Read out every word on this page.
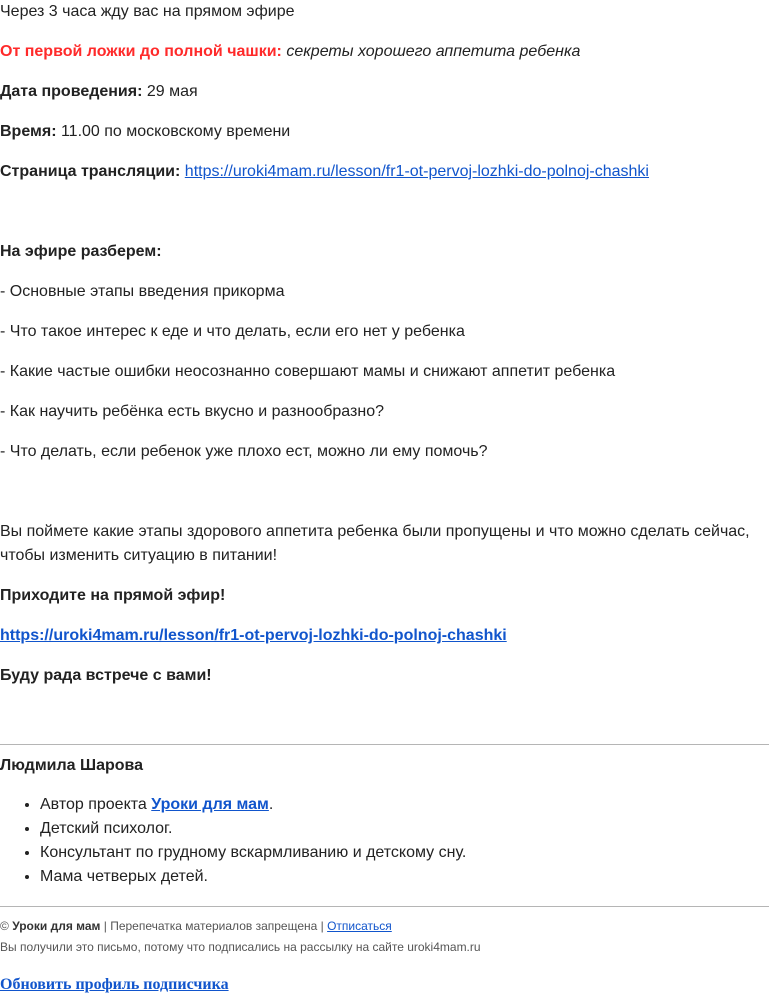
Через 3 часа жду вас на прямом эфире

От первой ложки до полной чашки: секреты хорошего аппетита ребенка

Дата проведения: 29 мая

Время: 11.00 по московскому времени

Страница трансляции: https://uroki4mam.ru/lesson/fr1-ot-pervoj-lozhki-do-polnoj-chashki

На эфире разберем:

- Основные этапы введения прикорма

- Что такое интерес к еде и что делать, если его нет у ребенка

- Какие частые ошибки неосознанно совершают мамы и снижают аппетит ребенка

- Как научить ребёнка есть вкусно и разнообразно?

- Что делать, если ребенок уже плохо ест, можно ли ему помочь?

Вы поймете какие этапы здорового аппетита ребенка были пропущены и что можно сделать сейчас, чтобы изменить ситуацию в питании!

Приходите на прямой эфир!

https://uroki4mam.ru/lesson/fr1-ot-pervoj-lozhki-do-polnoj-chashki

Буду рада встрече с вами!

Людмила Шарова

• Автор проекта Уроки для мам.
• Детский психолог.
• Консультант по грудному вскармливанию и детскому сну.
• Мама четверых детей.
© Уроки для мам | Перепечатка материалов запрещена | Отписаться
Вы получили это письмо, потому что подписались на рассылку на сайте uroki4mam.ru
Обновить профиль подписчика
